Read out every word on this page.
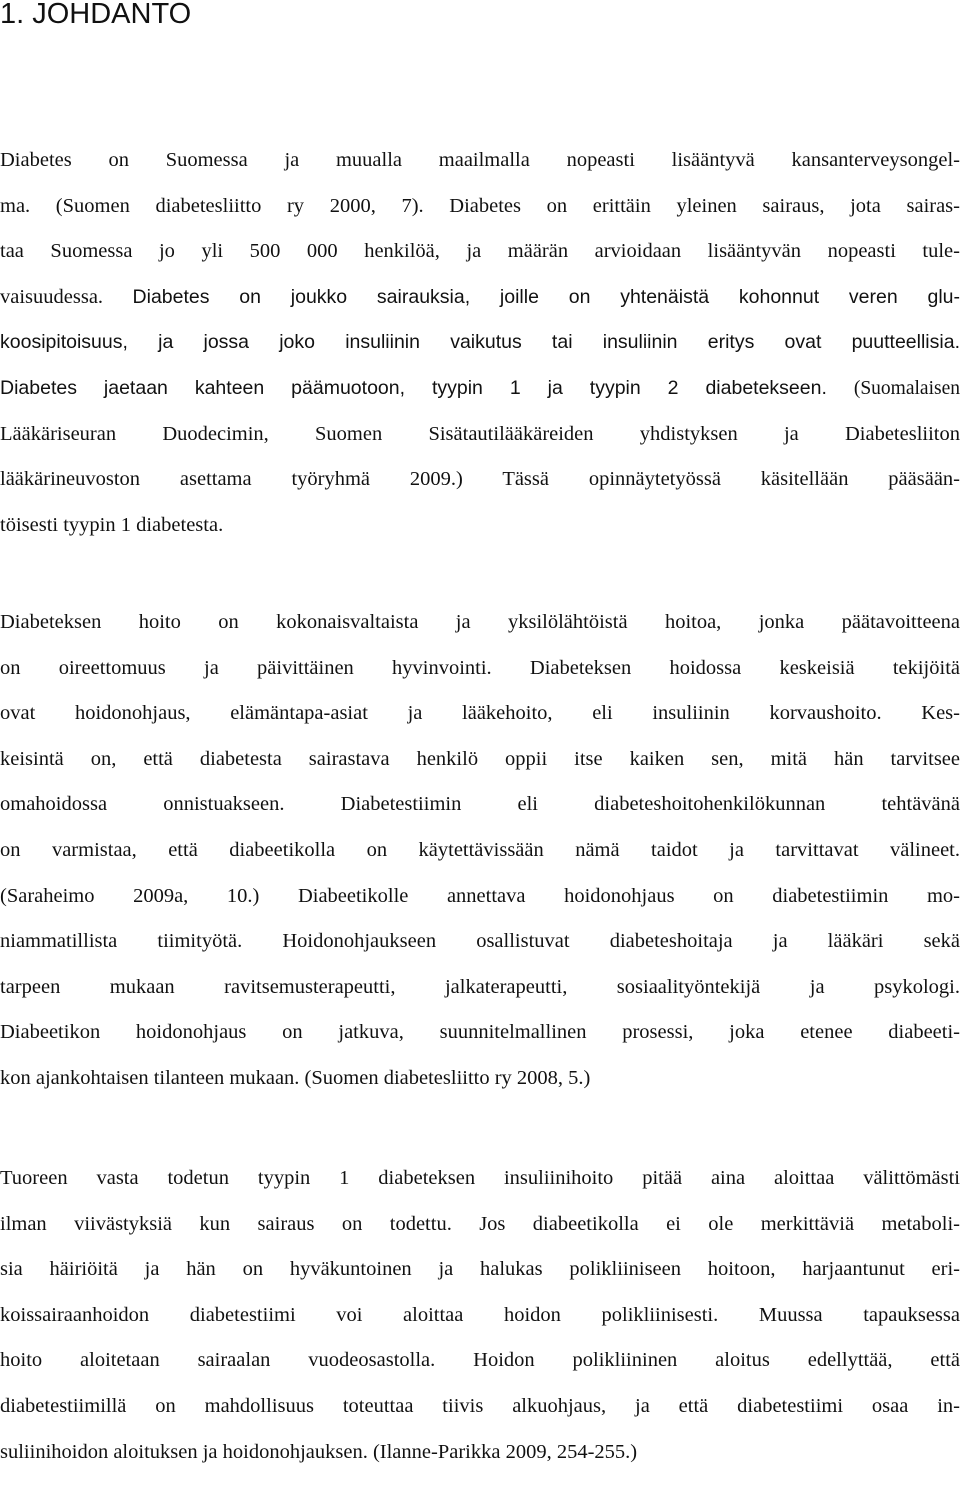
1. JOHDANTO
Diabetes on Suomessa ja muualla maailmalla nopeasti lisääntyvä kansanterveysongel-
ma. (Suomen diabetesliitto ry 2000, 7). Diabetes on erittäin yleinen sairaus, jota sairas-
taa Suomessa jo yli 500 000 henkilöä, ja määrän arvioidaan lisääntyvän nopeasti tule-
vaisuudessa. Diabetes on joukko sairauksia, joille on yhtenäistä kohonnut veren glu-
koosipitoisuus, ja jossa joko insuliinin vaikutus tai insuliinin eritys ovat puutteellisia.
Diabetes jaetaan kahteen päämuotoon, tyypin 1 ja tyypin 2 diabetekseen. (Suomalaisen
Lääkäriseuran Duodecimin, Suomen Sisätautilääkäreiden yhdistyksen ja Diabetesliiton
lääkärineuvoston asettama työryhmä 2009.) Tässä opinnäytetyössä käsitellään pääsään-
töisesti tyypin 1 diabetesta.
Diabeteksen hoito on kokonaisvaltaista ja yksilölähtöistä hoitoa, jonka päätavoitteena
on oireettomuus ja päivittäinen hyvinvointi. Diabeteksen hoidossa keskeisiä tekijöitä
ovat hoidonohjaus, elämäntapa-asiat ja lääkehoito, eli insuliinin korvaushoito. Kes-
keisintä on, että diabetesta sairastava henkilö oppii itse kaiken sen, mitä hän tarvitsee
omahoidossa onnistuakseen. Diabetestiimin eli diabeteshoitohenkilökunnan tehtävänä
on varmistaa, että diabeetikolla on käytettävissään nämä taidot ja tarvittavat välineet.
(Saraheimo 2009a, 10.) Diabeetikolle annettava hoidonohjaus on diabetestiimin mo-
niammatillista tiimityötä. Hoidonohjaukseen osallistuvat diabeteshoitaja ja lääkäri sekä
tarpeen mukaan ravitsemusterapeutti, jalkaterapeutti, sosiaalityöntekijä ja psykologi.
Diabeetikon hoidonohjaus on jatkuva, suunnitelmallinen prosessi, joka etenee diabeeti-
kon ajankohtaisen tilanteen mukaan. (Suomen diabetesliitto ry 2008, 5.)
Tuoreen vasta todetun tyypin 1 diabeteksen insuliinihoito pitää aina aloittaa välittömästi
ilman viivästyksiä kun sairaus on todettu. Jos diabeetikolla ei ole merkittäviä metaboli-
sia häiriöitä ja hän on hyväkuntoinen ja halukas polikliiniseen hoitoon, harjaantunut eri-
koissairaanhoidon diabetestiimi voi aloittaa hoidon polikliinisesti. Muussa tapauksessa
hoito aloitetaan sairaalan vuodeosastolla. Hoidon polikliininen aloitus edellyttää, että
diabetestiimillä on mahdollisuus toteuttaa tiivis alkuohjaus, ja että diabetestiimi osaa in-
suliinihoidon aloituksen ja hoidonohjauksen. (Ilanne-Parikka 2009, 254-255.)
